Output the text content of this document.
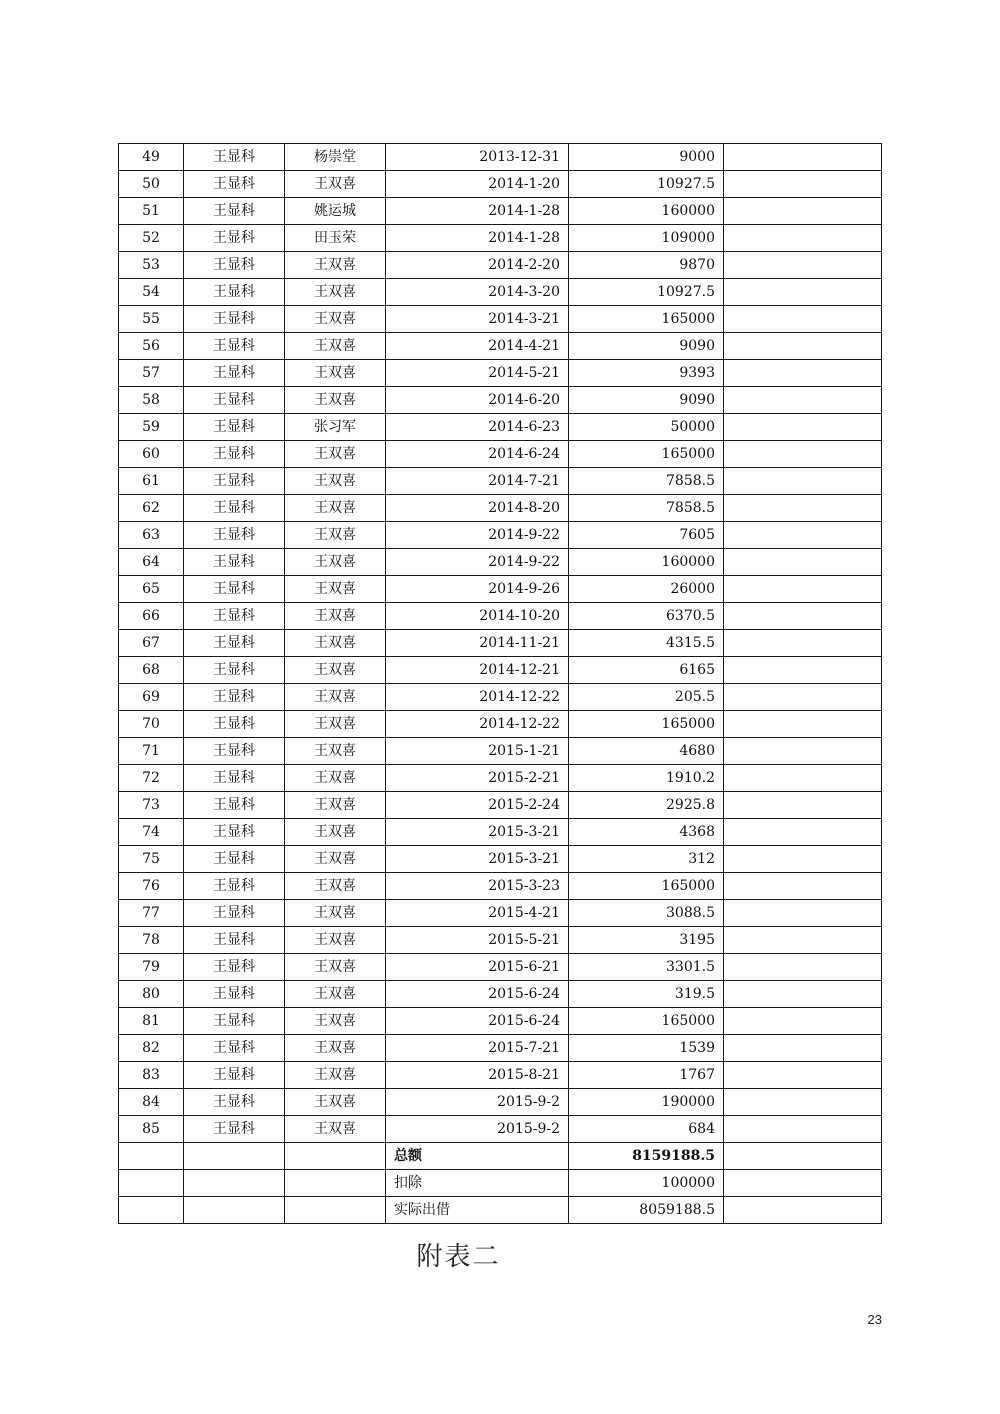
49	王显科	杨崇堂	2013-12-31	9000	
50	王显科	王双喜	2014-1-20	10927.5	
51	王显科	姚运城	2014-1-28	160000	
52	王显科	田玉荣	2014-1-28	109000	
53	王显科	王双喜	2014-2-20	9870	
54	王显科	王双喜	2014-3-20	10927.5	
55	王显科	王双喜	2014-3-21	165000	
56	王显科	王双喜	2014-4-21	9090	
57	王显科	王双喜	2014-5-21	9393	
58	王显科	王双喜	2014-6-20	9090	
59	王显科	张习军	2014-6-23	50000	
60	王显科	王双喜	2014-6-24	165000	
61	王显科	王双喜	2014-7-21	7858.5	
62	王显科	王双喜	2014-8-20	7858.5	
63	王显科	王双喜	2014-9-22	7605	
64	王显科	王双喜	2014-9-22	160000	
65	王显科	王双喜	2014-9-26	26000	
66	王显科	王双喜	2014-10-20	6370.5	
67	王显科	王双喜	2014-11-21	4315.5	
68	王显科	王双喜	2014-12-21	6165	
69	王显科	王双喜	2014-12-22	205.5	
70	王显科	王双喜	2014-12-22	165000	
71	王显科	王双喜	2015-1-21	4680	
72	王显科	王双喜	2015-2-21	1910.2	
73	王显科	王双喜	2015-2-24	2925.8	
74	王显科	王双喜	2015-3-21	4368	
75	王显科	王双喜	2015-3-21	312	
76	王显科	王双喜	2015-3-23	165000	
77	王显科	王双喜	2015-4-21	3088.5	
78	王显科	王双喜	2015-5-21	3195	
79	王显科	王双喜	2015-6-21	3301.5	
80	王显科	王双喜	2015-6-24	319.5	
81	王显科	王双喜	2015-6-24	165000	
82	王显科	王双喜	2015-7-21	1539	
83	王显科	王双喜	2015-8-21	1767	
84	王显科	王双喜	2015-9-2	190000	
85	王显科	王双喜	2015-9-2	684	
			总额	8159188.5	
			扣除	100000	
			实际出借	8059188.5	
附表二
23
